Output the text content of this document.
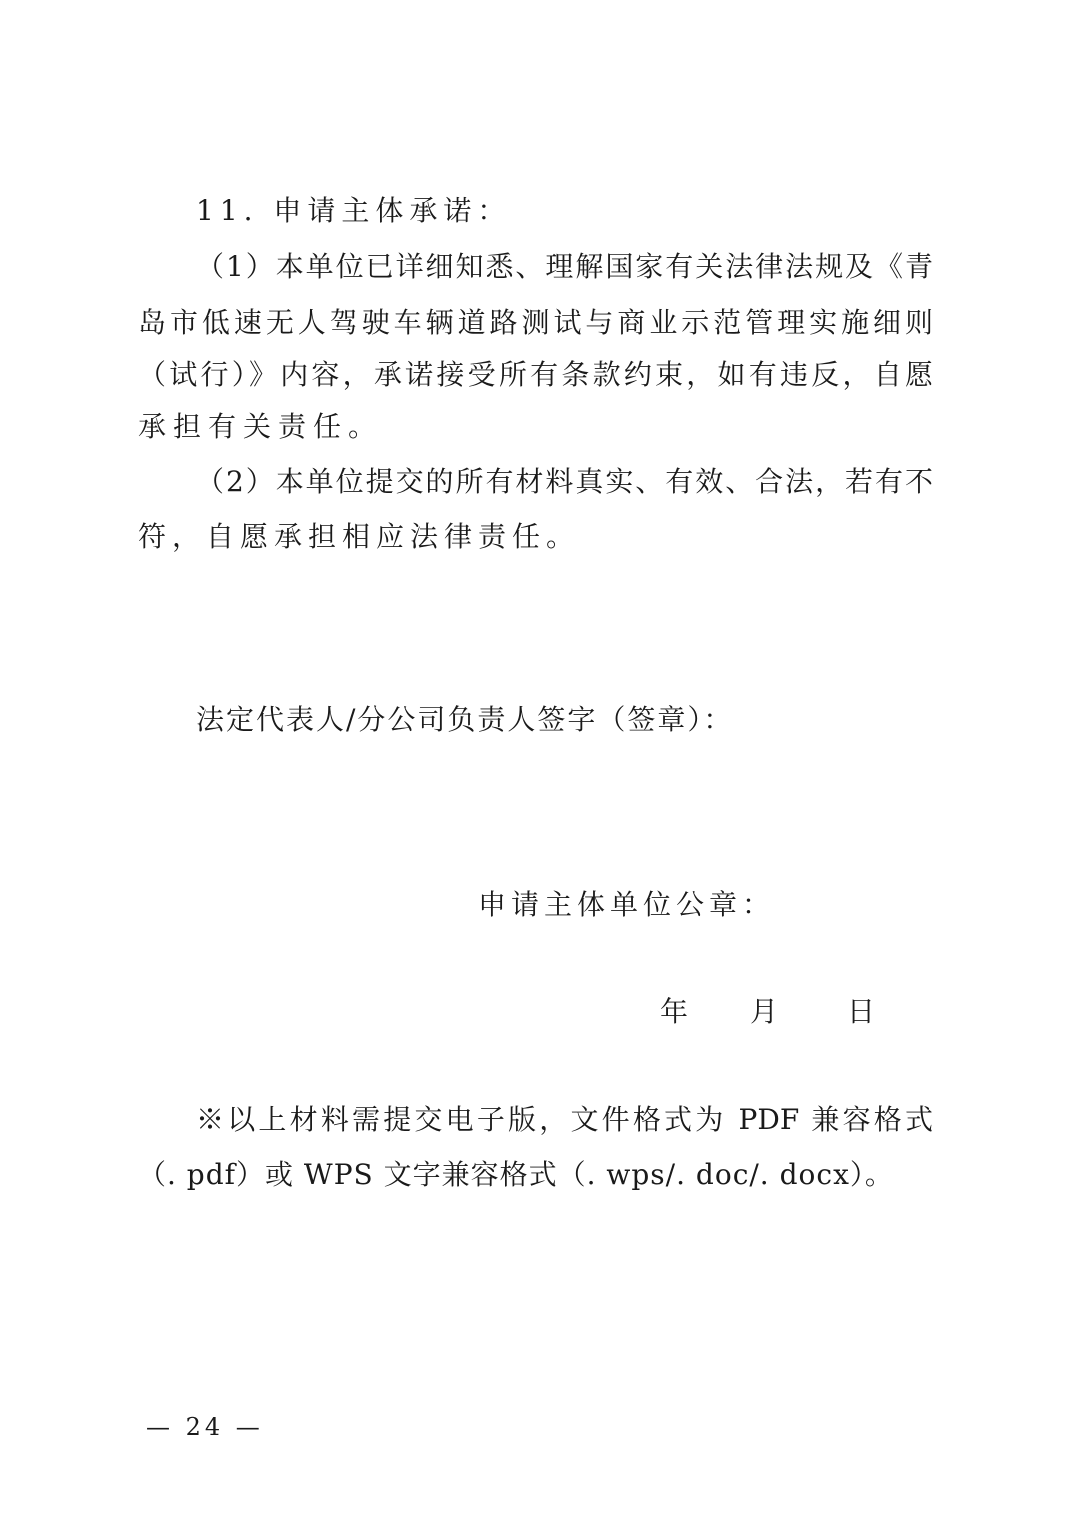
11. 申请主体承诺：
（1）本单位已详细知悉、理解国家有关法律法规及《青
岛市低速无人驾驶车辆道路测试与商业示范管理实施细则
（试行）》内容，承诺接受所有条款约束，如有违反，自愿
承担有关责任。
（2）本单位提交的所有材料真实、有效、合法，若有不
符，自愿承担相应法律责任。
法定代表人/分公司负责人签字（签章）：
申请主体单位公章：
年 月 日
※以上材料需提交电子版，文件格式为 PDF 兼容格式
（. pdf）或 WPS 文字兼容格式（. wps/. doc/. docx）。
— 24 —
